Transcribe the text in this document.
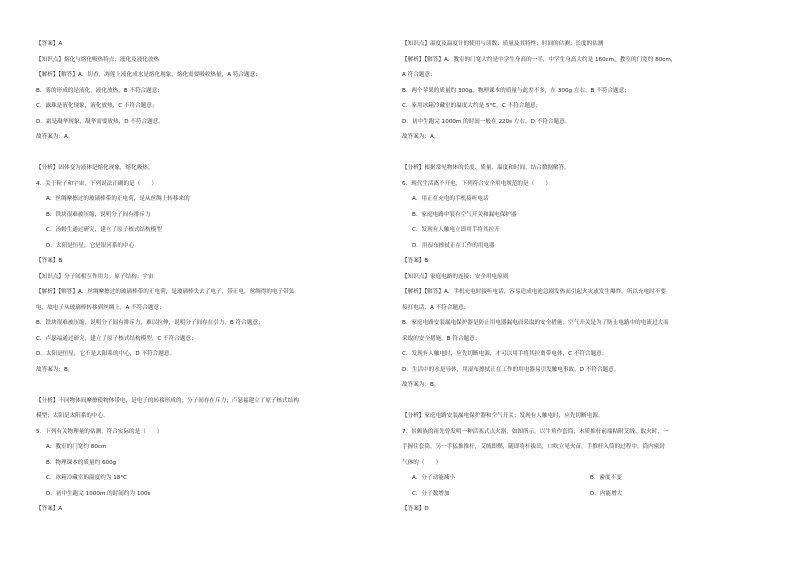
【答案】A
【知识点】熔化与熔化吸热特点；液化及液化放热
【解析】【解答】A．切香，凋莲上液化成水是熔化现象，熔化需要吸收热量，A 符合题意；
B．雾的形成的是液化，液化放热，B 不符合题意；
C．露珠是液化现象，液化放热，C 不符合题意；
D．霜是凝华现象，凝华需要放热，D 不符合题意。
故答案为：A。
【分析】固体变为液体是熔化现象，熔化吸热。
4．关于粒子和宇宙，下列说法正确的是（　　）
A．丝绸摩擦过的玻璃棒带的正电荷，是从丝绸上转移来的
B．铁块很难被压缩，说明分子间有排斥力
C．汤姆生通过研究，建立了原子核式结构模型
D．太阳是恒星，它是银河系的中心
【答案】B
【知识点】分子间相互作用力；原子结构；宇宙
【解析】【解答】A．丝绸摩擦过的玻璃棒带的正电荷，是玻璃棒失去了电子，带正电，丝绸得的电子带负
电，故电子从玻璃棒转移到丝绸上，A 不符合题意；
B．铁块很难被压缩，说明分子间有排斥力，难以拉伸，说明分子间存在引力，B 符合题意；
C．卢瑟福通过研究，建立了原子核式结构模型，C 不符合题意；
D．太阳是恒星，它不是太阳系的中心，D 不符合题意。
故答案为：B。
【分析】不同物体间摩擦使物体带电，是电子的转移形成的；分子间存在斥力；卢瑟福建立了原子核式结构
模型；太阳是太阳系的中心。
5．下列有关物理量的估测，符合实际的是（　　）
A．教室的门宽约 80cm
B．物理课本的质量约 600g
C．冰箱冷藏室的温度约为 18°C
D．初中生跑完 1000m 的时间约为 100s
【答案】A
【知识点】温度及温度计的使用与读数；质量及其特性；时间的估测；长度的估测
【解析】【解答】A．教室的门宽大约是中学生身高的一半，中学生身高大约是 160cm，教室的门宽约 80cm，
A 符合题意；
B．两个苹果的质量约 300g，物理课本的质量与此差不多，在 300g 左右，B 不符合题意；
C．家用冰箱冷藏室的温度大约是 5°C，C 不符合题意；
D．初中生跑完 1000m 的时间一般在 220s 左右，D 不符合题意。
故答案为：A。
【分析】根据常见物体的长度、质量、温度和时间，结合数据解答。
6．现代生活离不开电，下列符合安全用电规范的是（　　）
A．用正在充电的手机接听电话
B．家庭电路中装有空气开关和漏电保护器
C．发现有人触电立即用手将其拉开
D．用湿布擦拭正在工作的用电器
【答案】B
【知识点】家庭电路的连接；安全用电原则
【解析】【解答】A．手机充电时接听电话，容易造成电池急剧发热而引起火灾或发生爆炸，所以充电时不要
接打电话，A 不符合题意；
B．家庭电路安装漏电保护器是防止用电器漏电而采取的安全措施；空气开关是为了防止电路中的电流过大而
采取的安全措施，B 符合题意；
C．发现有人触电时，应先切断电源，才可以用手将其拉离带电体，C 不符合题意；
D．生活中的水是导体，用湿布擦拭正在工作的用电器易引发触电事故，D 不符合题意。
故答案为：B。
【分析】家庭电路安装漏电保护器和空气开关；发现有人触电时，应先切断电源。
7．景颇族的祖先曾发明一种活塞式点火器，如图所示。以牛角作套筒，木质推杆前端粘附艾绒。取火时，一
手握住套筒，另一手猛推推杆，艾绒即燃，随即将杆拔出，口吹立见火苗。手推杆入筒的过程中，筒内密封
气体的（　　）
A．分子动能减小	B．密度不变
C．分子数增加	D．内能增大
【答案】D
